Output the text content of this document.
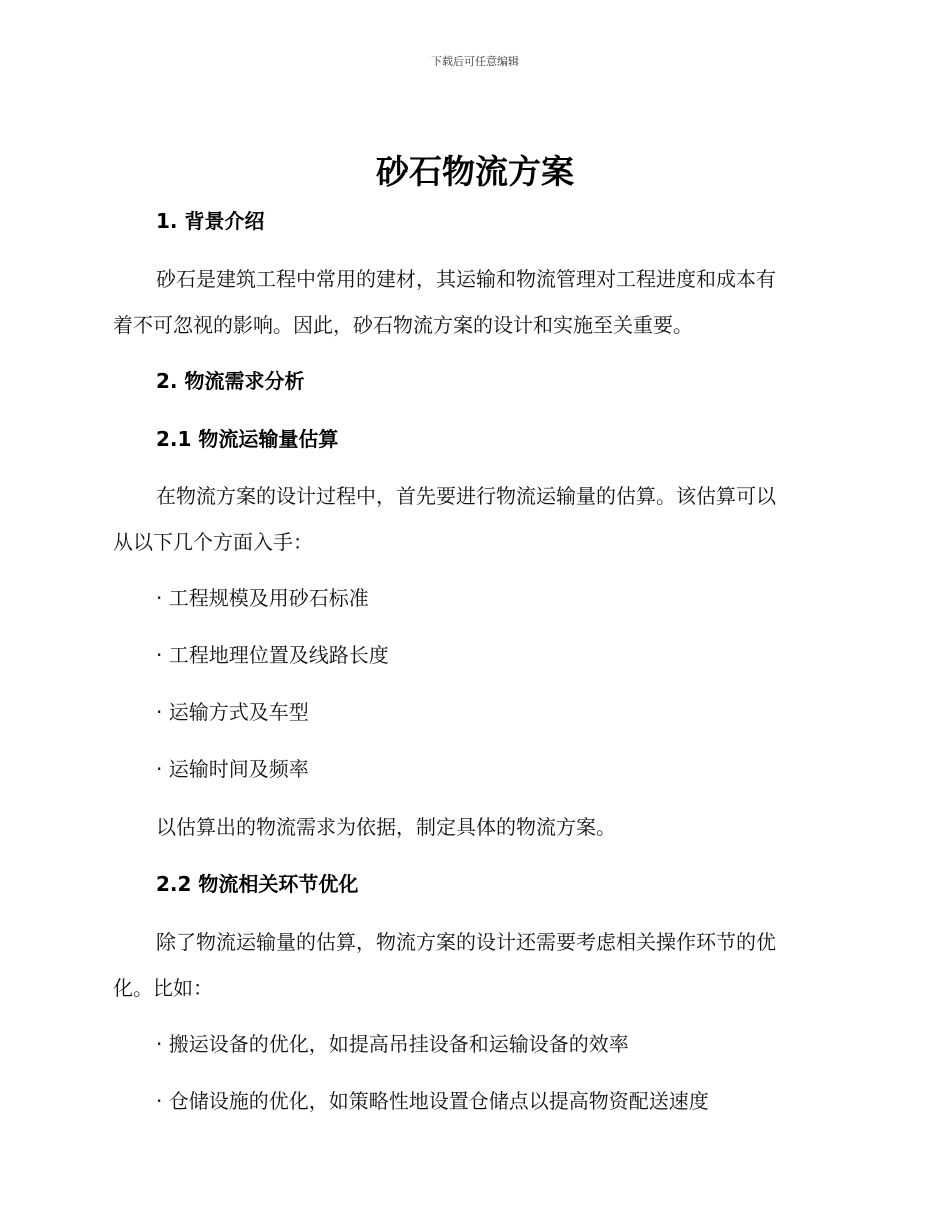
下载后可任意编辑
砂石物流方案
1. 背景介绍
砂石是建筑工程中常用的建材，其运输和物流管理对工程进度和成本有
着不可忽视的影响。因此，砂石物流方案的设计和实施至关重要。
2. 物流需求分析
2.1 物流运输量估算
在物流方案的设计过程中，首先要进行物流运输量的估算。该估算可以
从以下几个方面入手：
· 工程规模及用砂石标准
· 工程地理位置及线路长度
· 运输方式及车型
· 运输时间及频率
以估算出的物流需求为依据，制定具体的物流方案。
2.2 物流相关环节优化
除了物流运输量的估算，物流方案的设计还需要考虑相关操作环节的优
化。比如：
· 搬运设备的优化，如提高吊挂设备和运输设备的效率
· 仓储设施的优化，如策略性地设置仓储点以提高物资配送速度
